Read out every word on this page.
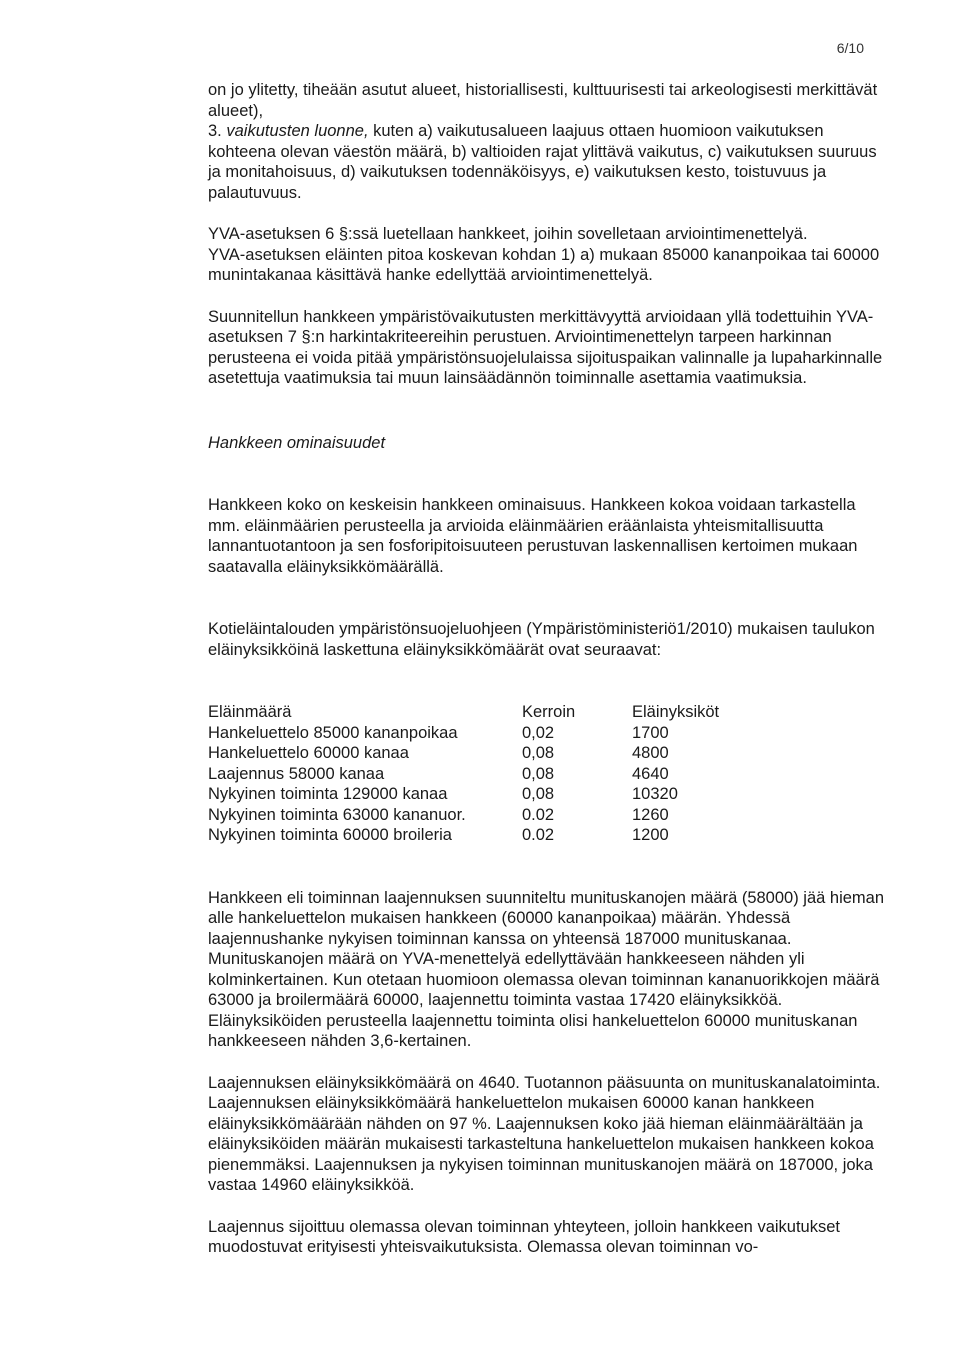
6/10

on jo ylitetty, tiheään asutut alueet, historiallisesti, kulttuurisesti tai arkeologisesti merkittävät alueet),

3. vaikutusten luonne, kuten a) vaikutusalueen laajuus ottaen huomioon vaikutuksen kohteena olevan väestön määrä, b) valtioiden rajat ylittävä vaikutus, c) vaikutuksen suuruus ja monitahoisuus, d) vaikutuksen todennäköisyys, e) vaikutuksen kesto, toistuvuus ja palautuvuus.

YVA-asetuksen 6 §:ssä luetellaan hankkeet, joihin sovelletaan arviointimenettelyä.

YVA-asetuksen eläinten pitoa koskevan kohdan 1) a) mukaan 85000 kananpoikaa tai 60000 munintakanaa käsittävä hanke edellyttää arviointimenettelyä.

Suunnitellun hankkeen ympäristövaikutusten merkittävyyttä arvioidaan yllä todettuihin YVA-asetuksen 7 §:n harkintakriteereihin perustuen. Arviointimenettelyn tarpeen harkinnan perusteena ei voida pitää ympäristönsuojelulaissa sijoituspaikan valinnalle ja lupaharkinnalle asetettuja vaatimuksia tai muun lainsäädännön toiminnalle asettamia vaatimuksia.

Hankkeen ominaisuudet

Hankkeen koko on keskeisin hankkeen ominaisuus. Hankkeen kokoa voidaan tarkastella mm. eläinmäärien perusteella ja arvioida eläinmäärien eräänlaista yhteismitallisuutta lannantuotantoon ja sen fosforipitoisuuteen perustuvan laskennallisen kertoimen mukaan saatavalla eläinyksikkömäärällä.

Kotieläintalouden ympäristönsuojeluohjeen (Ympäristöministeriö1/2010) mukaisen taulukon eläinyksikköinä laskettuna eläinyksikkömäärät ovat seuraavat:

Eläinmäärä	Kerroin	Eläinyksiköt
Hankeluettelo 85000 kananpoikaa	0,02	1700
Hankeluettelo 60000 kanaa	0,08	4800
Laajennus 58000 kanaa	0,08	4640
Nykyinen toiminta 129000 kanaa	0,08	10320
Nykyinen toiminta 63000 kananuor.	0.02	1260
Nykyinen toiminta 60000 broileria	0.02	1200

Hankkeen eli toiminnan laajennuksen suunniteltu munituskanojen määrä (58000) jää hieman alle hankeluettelon mukaisen hankkeen (60000 kananpoikaa) määrän. Yhdessä laajennushanke nykyisen toiminnan kanssa on yhteensä 187000 munituskanaa. Munituskanojen määrä on YVA-menettelyä edellyttävään hankkeeseen nähden yli kolminkertainen. Kun otetaan huomioon olemassa olevan toiminnan kananuorikkojen määrä 63000 ja broilermäärä 60000, laajennettu toiminta vastaa 17420 eläinyksikköä. Eläinyksiköiden perusteella laajennettu toiminta olisi hankeluettelon 60000 munituskanan hankkeeseen nähden 3,6-kertainen.

Laajennuksen eläinyksikkömäärä on 4640. Tuotannon pääsuunta on munituskanalatoiminta. Laajennuksen eläinyksikkömäärä hankeluettelon mukaisen 60000 kanan hankkeen eläinyksikkömäärään nähden on 97 %. Laajennuksen koko jää hieman eläinmäärältään ja eläinyksiköiden määrän mukaisesti tarkasteltuna hankeluettelon mukaisen hankkeen kokoa pienemmäksi. Laajennuksen ja nykyisen toiminnan munituskanojen määrä on 187000, joka vastaa 14960 eläinyksikköä.

Laajennus sijoittuu olemassa olevan toiminnan yhteyteen, jolloin hankkeen vaikutukset muodostuvat erityisesti yhteisvaikutuksista. Olemassa olevan toiminnan vo-
